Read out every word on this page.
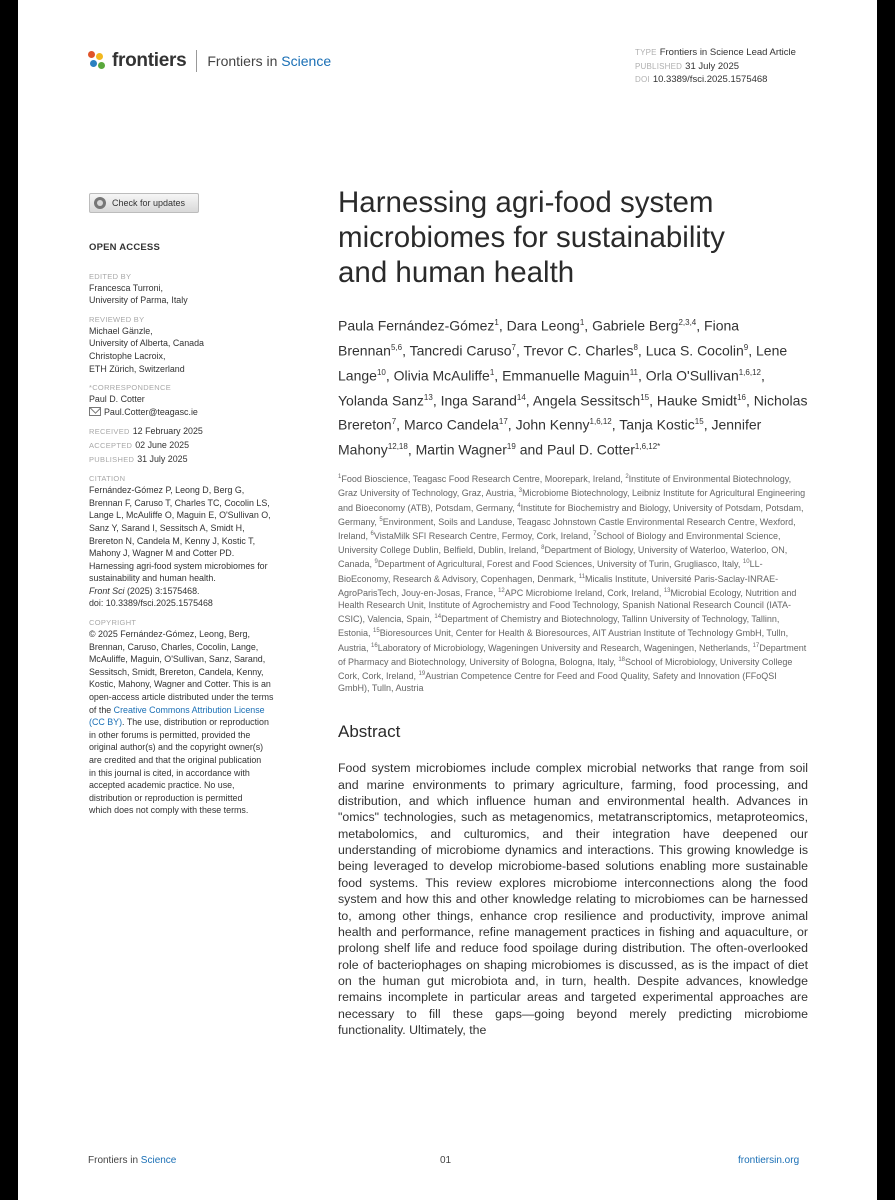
frontiers Frontiers in Science
TYPE Frontiers in Science Lead Article
PUBLISHED 31 July 2025
DOI 10.3389/fsci.2025.1575468
Check for updates
OPEN ACCESS
EDITED BY
Francesca Turroni,
University of Parma, Italy
REVIEWED BY
Michael Gänzle,
University of Alberta, Canada
Christophe Lacroix,
ETH Zürich, Switzerland
*CORRESPONDENCE
Paul D. Cotter
Paul.Cotter@teagasc.ie
RECEIVED 12 February 2025
ACCEPTED 02 June 2025
PUBLISHED 31 July 2025
CITATION
Fernández-Gómez P, Leong D, Berg G,
Brennan F, Caruso T, Charles TC, Cocolin LS,
Lange L, McAuliffe O, Maguin E, O'Sullivan O,
Sanz Y, Sarand I, Sessitsch A, Smidt H,
Brereton N, Candela M, Kenny J, Kostic T,
Mahony J, Wagner M and Cotter PD.
Harnessing agri-food system microbiomes for
sustainability and human health.
Front Sci (2025) 3:1575468.
doi: 10.3389/fsci.2025.1575468
COPYRIGHT
© 2025 Fernández-Gómez, Leong, Berg,
Brennan, Caruso, Charles, Cocolin, Lange,
McAuliffe, Maguin, O'Sullivan, Sanz, Sarand,
Sessitsch, Smidt, Brereton, Candela, Kenny,
Kostic, Mahony, Wagner and Cotter. This is an
open-access article distributed under the terms
of the Creative Commons Attribution License
(CC BY). The use, distribution or reproduction
in other forums is permitted, provided the
original author(s) and the copyright owner(s)
are credited and that the original publication
in this journal is cited, in accordance with
accepted academic practice. No use,
distribution or reproduction is permitted
which does not comply with these terms.
Harnessing agri-food system
microbiomes for sustainability
and human health
Paula Fernández-Gómez$^1$, Dara Leong$^1$, Gabriele Berg$^{2,3,4}$, Fiona Brennan$^{5,6}$, Tancredi Caruso$^7$, Trevor C. Charles$^8$, Luca S. Cocolin$^9$, Lene Lange$^{10}$, Olivia McAuliffe$^1$, Emmanuelle Maguin$^{11}$, Orla O'Sullivan$^{1,6,12}$, Yolanda Sanz$^{13}$, Inga Sarand$^{14}$, Angela Sessitsch$^{15}$, Hauke Smidt$^{16}$, Nicholas Brereton$^7$, Marco Candela$^{17}$, John Kenny$^{1,6,12}$, Tanja Kostic$^{15}$, Jennifer Mahony$^{12,18}$, Martin Wagner$^{19}$ and Paul D. Cotter$^{1,6,12*}$
$^1$Food Bioscience, Teagasc Food Research Centre, Moorepark, Ireland, $^2$Institute of Environmental Biotechnology, Graz University of Technology, Graz, Austria, $^3$Microbiome Biotechnology, Leibniz Institute for Agricultural Engineering and Bioeconomy (ATB), Potsdam, Germany, $^4$Institute for Biochemistry and Biology, University of Potsdam, Potsdam, Germany, $^5$Environment, Soils and Landuse, Teagasc Johnstown Castle Environmental Research Centre, Wexford, Ireland, $^6$VistaMilk SFI Research Centre, Fermoy, Cork, Ireland, $^7$School of Biology and Environmental Science, University College Dublin, Belfield, Dublin, Ireland, $^8$Department of Biology, University of Waterloo, Waterloo, ON, Canada, $^9$Department of Agricultural, Forest and Food Sciences, University of Turin, Grugliasco, Italy, $^{10}$LL-BioEconomy, Research & Advisory, Copenhagen, Denmark, $^{11}$Micalis Institute, Université Paris-Saclay-INRAE-AgroParisTech, Jouy-en-Josas, France, $^{12}$APC Microbiome Ireland, Cork, Ireland, $^{13}$Microbial Ecology, Nutrition and Health Research Unit, Institute of Agrochemistry and Food Technology, Spanish National Research Council (IATA-CSIC), Valencia, Spain, $^{14}$Department of Chemistry and Biotechnology, Tallinn University of Technology, Tallinn, Estonia, $^{15}$Bioresources Unit, Center for Health & Bioresources, AIT Austrian Institute of Technology GmbH, Tulln, Austria, $^{16}$Laboratory of Microbiology, Wageningen University and Research, Wageningen, Netherlands, $^{17}$Department of Pharmacy and Biotechnology, University of Bologna, Bologna, Italy, $^{18}$School of Microbiology, University College Cork, Cork, Ireland, $^{19}$Austrian Competence Centre for Feed and Food Quality, Safety and Innovation (FFoQSI GmbH), Tulln, Austria
Abstract

Food system microbiomes include complex microbial networks that range from soil and marine environments to primary agriculture, farming, food processing, and distribution, and which influence human and environmental health. Advances in "omics" technologies, such as metagenomics, metatranscriptomics, metaproteomics, metabolomics, and culturomics, and their integration have deepened our understanding of microbiome dynamics and interactions. This growing knowledge is being leveraged to develop microbiome-based solutions enabling more sustainable food systems. This review explores microbiome interconnections along the food system and how this and other knowledge relating to microbiomes can be harnessed to, among other things, enhance crop resilience and productivity, improve animal health and performance, refine management practices in fishing and aquaculture, or prolong shelf life and reduce food spoilage during distribution. The often-overlooked role of bacteriophages on shaping microbiomes is discussed, as is the impact of diet on the human gut microbiota and, in turn, health. Despite advances, knowledge remains incomplete in particular areas and targeted experimental approaches are necessary to fill these gaps—going beyond merely predicting microbiome functionality. Ultimately, the

Frontiers in Science	01	frontiersin.org
